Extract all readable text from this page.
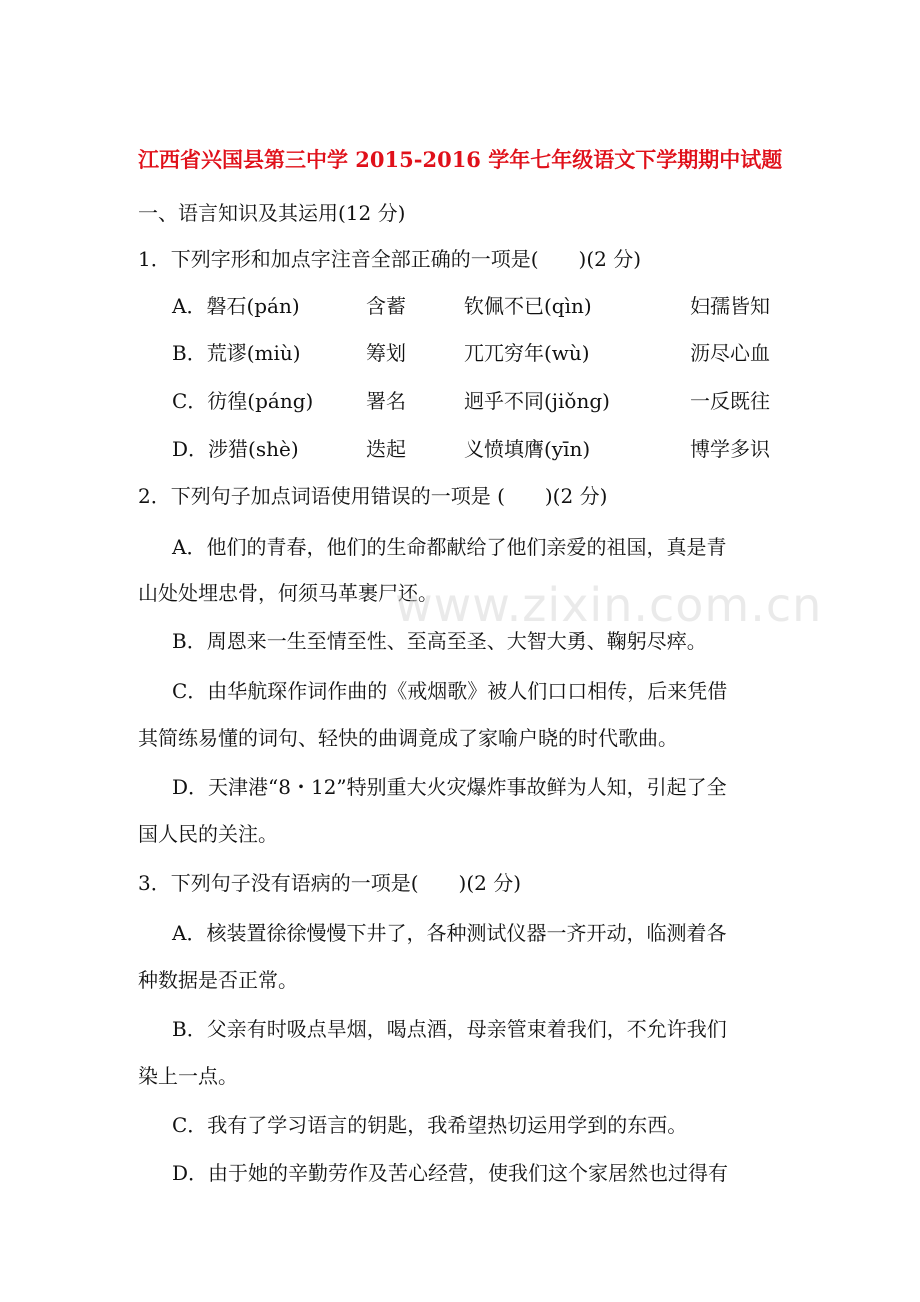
江西省兴国县第三中学 2015-2016 学年七年级语文下学期期中试题
一、语言知识及其运用(12 分)
1．下列字形和加点字注音全部正确的一项是(　　)(2 分)
A．磐石(pán)	含蓄	钦佩不已(qìn)	妇孺皆知
B．荒谬(miù)	筹划	兀兀穷年(wù)	沥尽心血
C．彷徨(páng)	署名	迥乎不同(jiǒng)	一反既往
D．涉猎(shè)	迭起	义愤填膺(yīn)	博学多识
2．下列句子加点词语使用错误的一项是 (　　)(2 分)
A．他们的青春，他们的生命都献给了他们亲爱的祖国，真是青
山处处埋忠骨，何须马革裹尸还。
B．周恩来一生至情至性、至高至圣、大智大勇、鞠躬尽瘁。
C．由华航琛作词作曲的《戒烟歌》被人们口口相传，后来凭借
其简练易懂的词句、轻快的曲调竟成了家喻户晓的时代歌曲。
D．天津港“8・12”特别重大火灾爆炸事故鲜为人知，引起了全
国人民的关注。
3．下列句子没有语病的一项是(　　)(2 分)
A．核装置徐徐慢慢下井了，各种测试仪器一齐开动，临测着各
种数据是否正常。
B．父亲有时吸点旱烟，喝点酒，母亲管束着我们，不允许我们
染上一点。
C．我有了学习语言的钥匙，我希望热切运用学到的东西。
D．由于她的辛勤劳作及苦心经营，使我们这个家居然也过得有
www.zixin.com.cn
